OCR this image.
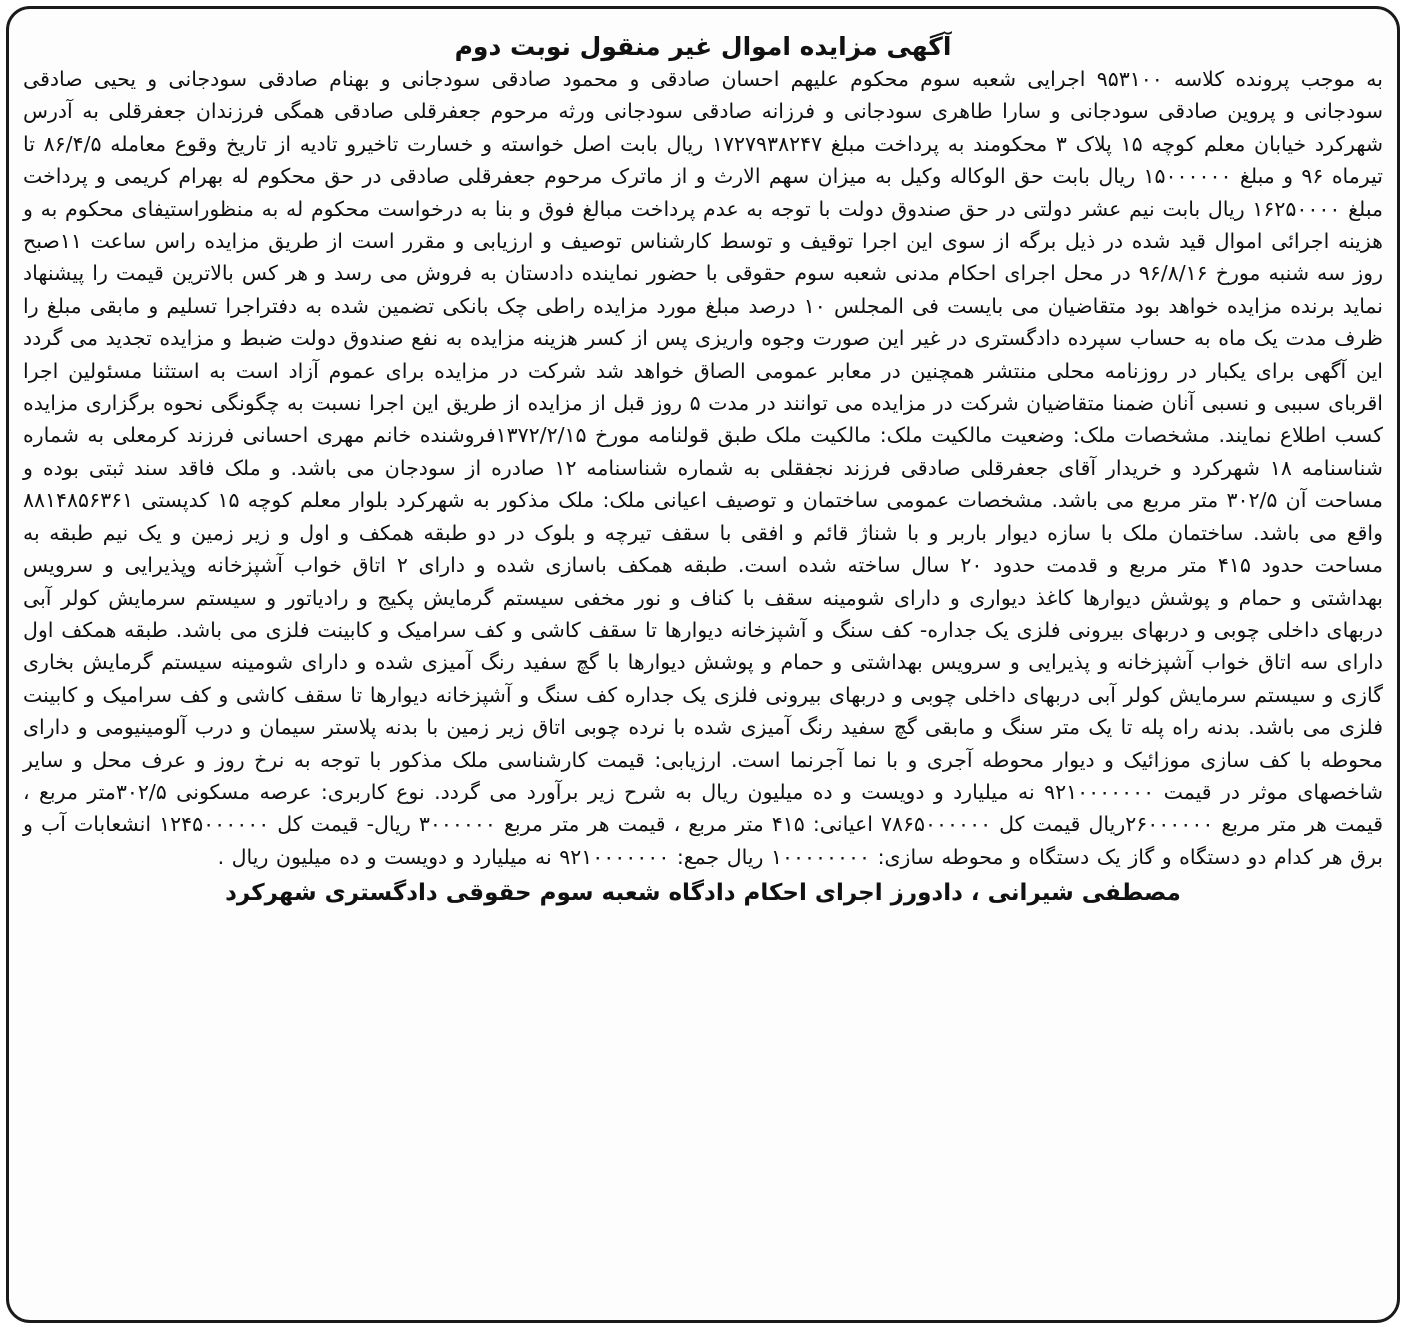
آگهی مزایده اموال غیر منقول نوبت دوم

به موجب پرونده کلاسه ۹۵۳۱۰۰ اجرایی شعبه سوم محکوم علیهم احسان صادقی و محمود صادقی سودجانی و بهنام صادقی سودجانی و یحیی صادقی سودجانی و پروین صادقی سودجانی و سارا طاهری سودجانی و فرزانه صادقی سودجانی ورثه مرحوم جعفرقلی صادقی همگی فرزندان جعفرقلی به آدرس شهرکرد خیابان معلم کوچه ۱۵ پلاک ۳ محکومند به پرداخت مبلغ ۱۷۲۷۹۳۸۲۴۷ ریال بابت اصل خواسته و خسارت تاخیرو تادیه از تاریخ وقوع معامله ۸۶/۴/۵ تا تیرماه ۹۶ و مبلغ ۱۵۰۰۰۰۰۰ ریال بابت حق الوکاله وکیل به میزان سهم الارث و از ماترک مرحوم جعفرقلی صادقی در حق محکوم له بهرام کریمی و پرداخت مبلغ ۱۶۲۵۰۰۰۰ ریال بابت نیم عشر دولتی در حق صندوق دولت با توجه به عدم پرداخت مبالغ فوق و بنا به درخواست محکوم له به منظوراستیفای محکوم به و هزینه اجرائی اموال قید شده در ذیل برگه از سوی این اجرا توقیف و توسط کارشناس توصیف و ارزیابی و مقرر است از طریق مزایده راس ساعت ۱۱صبح روز سه شنبه مورخ ۹۶/۸/۱۶ در محل اجرای احکام مدنی شعبه سوم حقوقی با حضور نماینده دادستان به فروش می رسد و هر کس بالاترین قیمت را پیشنهاد نماید برنده مزایده خواهد بود متقاضیان می بایست فی المجلس ۱۰ درصد مبلغ مورد مزایده راطی چک بانکی تضمین شده به دفتراجرا تسلیم و مابقی مبلغ را ظرف مدت یک ماه به حساب سپرده دادگستری در غیر این صورت وجوه واریزی پس از کسر هزینه مزایده به نفع صندوق دولت ضبط و مزایده تجدید می گردد این آگهی برای یکبار در روزنامه محلی منتشر همچنین در معابر عمومی الصاق خواهد شد شرکت در مزایده برای عموم آزاد است به استثنا مسئولین اجرا اقربای سببی و نسبی آنان ضمنا متقاضیان شرکت در مزایده می توانند در مدت ۵ روز قبل از مزایده از طریق این اجرا نسبت به چگونگی نحوه برگزاری مزایده کسب اطلاع نمایند. مشخصات ملک: وضعیت مالکیت ملک: مالکیت ملک طبق قولنامه مورخ ۱۳۷۲/۲/۱۵فروشنده خانم مهری احسانی فرزند کرمعلی به شماره شناسنامه ۱۸ شهرکرد و خریدار آقای جعفرقلی صادقی فرزند نجفقلی به شماره شناسنامه ۱۲ صادره از سودجان می باشد. و ملک فاقد سند ثبتی بوده و مساحت آن ۳۰۲/۵ متر مربع می باشد. مشخصات عمومی ساختمان و توصیف اعیانی ملک: ملک مذکور به شهرکرد بلوار معلم کوچه ۱۵ کدپستی ۸۸۱۴۸۵۶۳۶۱ واقع می باشد. ساختمان ملک با سازه دیوار باربر و با شناژ قائم و افقی با سقف تیرچه و بلوک در دو طبقه همکف و اول و زیر زمین و یک نیم طبقه به مساحت حدود ۴۱۵ متر مربع و قدمت حدود ۲۰ سال ساخته شده است. طبقه همکف باسازی شده و دارای ۲ اتاق خواب آشپزخانه وپذیرایی و سرویس بهداشتی و حمام و پوشش دیوارها کاغذ دیواری و دارای شومینه سقف با کناف و نور مخفی سیستم گرمایش پکیج و رادیاتور و سیستم سرمایش کولر آبی دربهای داخلی چوبی و دربهای بیرونی فلزی یک جداره- کف سنگ و آشپزخانه دیوارها تا سقف کاشی و کف سرامیک و کابینت فلزی می باشد. طبقه همکف اول دارای سه اتاق خواب آشپزخانه و پذیرایی و سرویس بهداشتی و حمام و پوشش دیوارها با گچ سفید رنگ آمیزی شده و دارای شومینه سیستم گرمایش بخاری گازی و سیستم سرمایش کولر آبی دربهای داخلی چوبی و دربهای بیرونی فلزی یک جداره کف سنگ و آشپزخانه دیوارها تا سقف کاشی و کف سرامیک و کابینت فلزی می باشد. بدنه راه پله تا یک متر سنگ و مابقی گچ سفید رنگ آمیزی شده با نرده چوبی اتاق زیر زمین با بدنه پلاستر سیمان و درب آلومینیومی و دارای محوطه با کف سازی موزائیک و دیوار محوطه آجری و با نما آجرنما است. ارزیابی: قیمت کارشناسی ملک مذکور با توجه به نرخ روز و عرف محل و سایر شاخصهای موثر در قیمت ۹۲۱۰۰۰۰۰۰۰ نه میلیارد و دویست و ده میلیون ریال به شرح زیر برآورد می گردد. نوع کاربری: عرصه مسکونی ۳۰۲/۵متر مربع ، قیمت هر متر مربع ۲۶۰۰۰۰۰۰ریال قیمت کل ۷۸۶۵۰۰۰۰۰۰ اعیانی: ۴۱۵ متر مربع ، قیمت هر متر مربع ۳۰۰۰۰۰۰ ریال- قیمت کل ۱۲۴۵۰۰۰۰۰۰ انشعابات آب و برق هر کدام دو دستگاه و گاز یک دستگاه و محوطه سازی: ۱۰۰۰۰۰۰۰۰ ریال جمع: ۹۲۱۰۰۰۰۰۰۰ نه میلیارد و دویست و ده میلیون ریال .

مصطفی شیرانی ، دادورز اجرای احکام دادگاه شعبه سوم حقوقی دادگستری شهرکرد
